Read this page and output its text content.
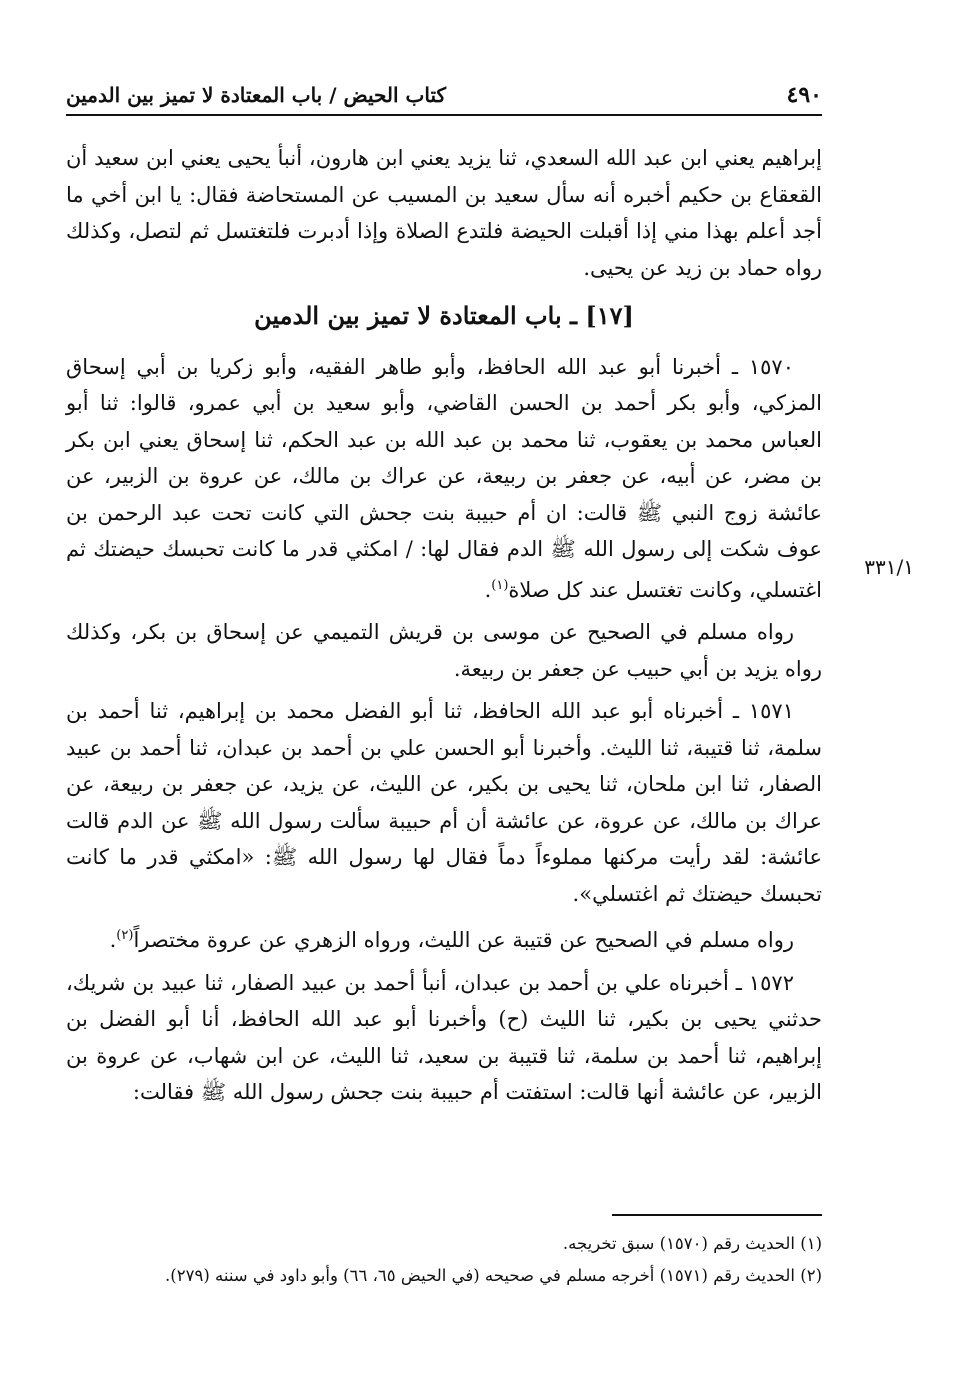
٤٩٠
كتاب الحيض / باب المعتادة لا تميز بين الدمين

إبراهيم يعني ابن عبد الله السعدي، ثنا يزيد يعني ابن هارون، أنبأ يحيى يعني ابن سعيد أن القعقاع بن حكيم أخبره أنه سأل سعيد بن المسيب عن المستحاضة فقال: يا ابن أخي ما أجد أعلم بهذا مني إذا أقبلت الحيضة فلتدع الصلاة وإذا أدبرت فلتغتسل ثم لتصل، وكذلك رواه حماد بن زيد عن يحيى.

[١٧] ـ باب المعتادة لا تميز بين الدمين

١٥٧٠ ـ أخبرنا أبو عبد الله الحافظ، وأبو طاهر الفقيه، وأبو زكريا بن أبي إسحاق المزكي، وأبو بكر أحمد بن الحسن القاضي، وأبو سعيد بن أبي عمرو، قالوا: ثنا أبو العباس محمد بن يعقوب، ثنا محمد بن عبد الله بن عبد الحكم، ثنا إسحاق يعني ابن بكر بن مضر، عن أبيه، عن جعفر بن ربيعة، عن عراك بن مالك، عن عروة بن الزبير، عن عائشة زوج النبي ﷺ قالت: ان أم حبيبة بنت جحش التي كانت تحت عبد الرحمن بن عوف شكت إلى رسول الله ﷺ الدم فقال لها: / امكثي قدر ما كانت تحبسك حيضتك ثم اغتسلي، وكانت تغتسل عند كل صلاة$^{(١)}$.
٣٣١/١

رواه مسلم في الصحيح عن موسى بن قريش التميمي عن إسحاق بن بكر، وكذلك رواه يزيد بن أبي حبيب عن جعفر بن ربيعة.

١٥٧١ ـ أخبرناه أبو عبد الله الحافظ، ثنا أبو الفضل محمد بن إبراهيم، ثنا أحمد بن سلمة، ثنا قتيبة، ثنا الليث. وأخبرنا أبو الحسن علي بن أحمد بن عبدان، ثنا أحمد بن عبيد الصفار، ثنا ابن ملحان، ثنا يحيى بن بكير، عن الليث، عن يزيد، عن جعفر بن ربيعة، عن عراك بن مالك، عن عروة، عن عائشة أن أم حبيبة سألت رسول الله ﷺ عن الدم قالت عائشة: لقد رأيت مركنها مملوءاً دماً فقال لها رسول الله ﷺ: «امكثي قدر ما كانت تحبسك حيضتك ثم اغتسلي».

رواه مسلم في الصحيح عن قتيبة عن الليث، ورواه الزهري عن عروة مختصراً$^{(٢)}$.

١٥٧٢ ـ أخبرناه علي بن أحمد بن عبدان، أنبأ أحمد بن عبيد الصفار، ثنا عبيد بن شريك، حدثني يحيى بن بكير، ثنا الليث (ح) وأخبرنا أبو عبد الله الحافظ، أنا أبو الفضل بن إبراهيم، ثنا أحمد بن سلمة، ثنا قتيبة بن سعيد، ثنا الليث، عن ابن شهاب، عن عروة بن الزبير، عن عائشة أنها قالت: استفتت أم حبيبة بنت جحش رسول الله ﷺ فقالت:

(١) الحديث رقم (١٥٧٠) سبق تخريجه.
(٢) الحديث رقم (١٥٧١) أخرجه مسلم في صحيحه (في الحيض ٦٥، ٦٦) وأبو داود في سننه (٢٧٩).
